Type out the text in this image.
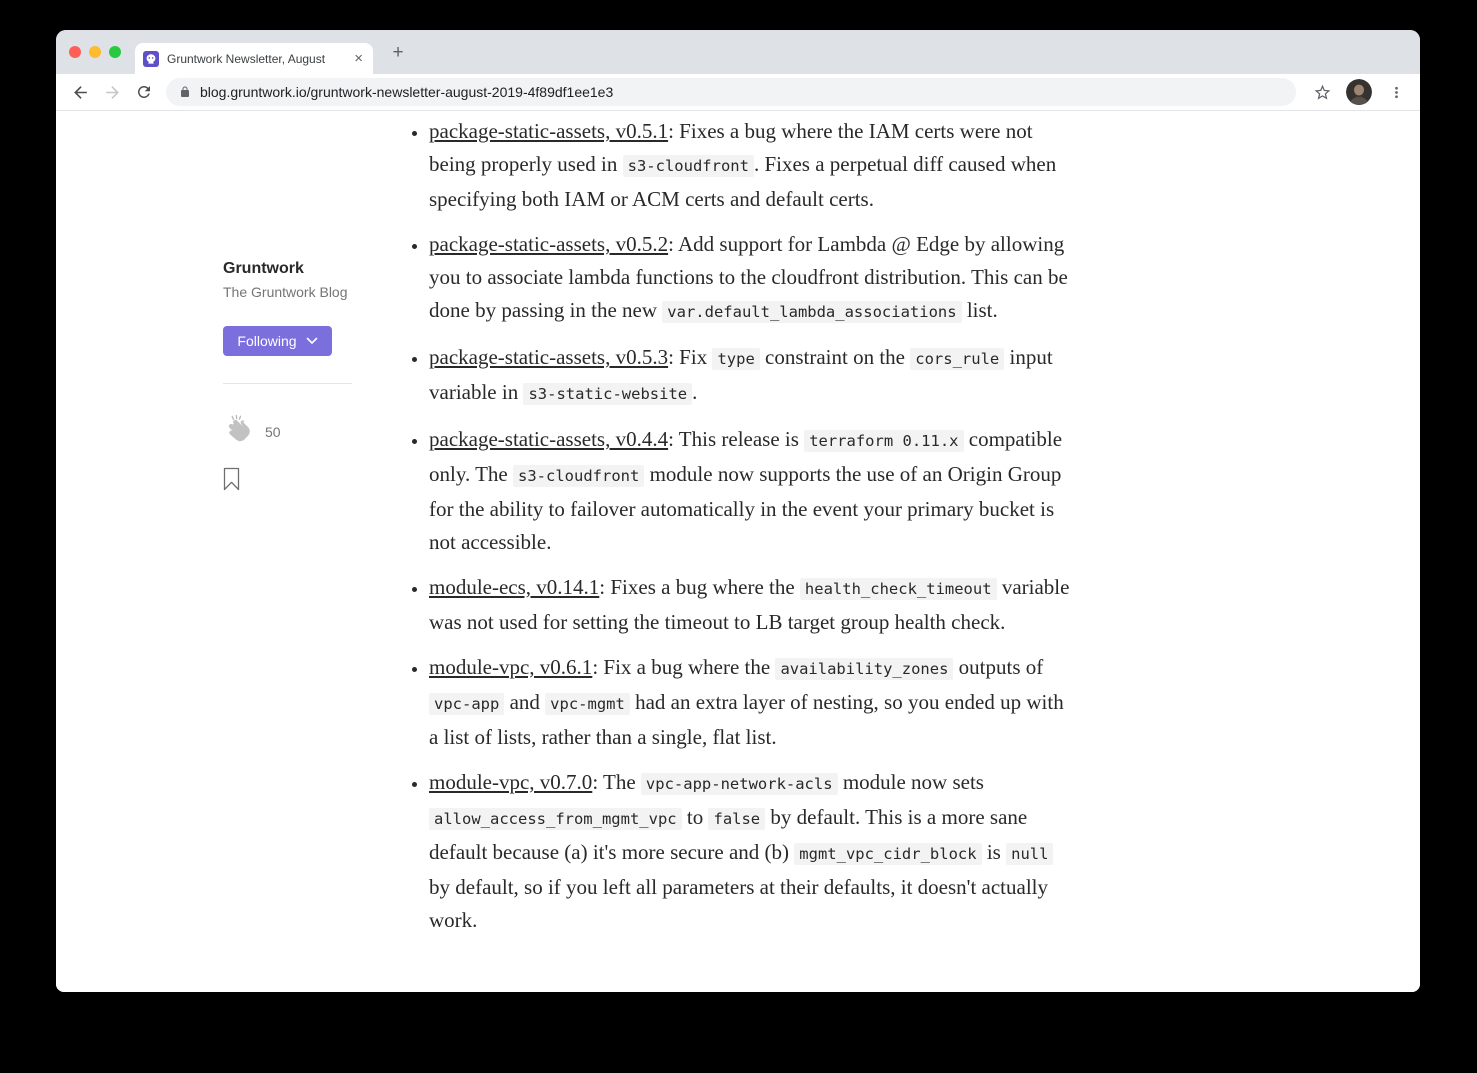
Gruntwork Newsletter, August	×	+
blog.gruntwork.io/gruntwork-newsletter-august-2019-4f89df1ee1e3
Gruntwork
The Gruntwork Blog
Following
50
• package-static-assets, v0.5.1: Fixes a bug where the IAM certs were not being properly used in s3-cloudfront . Fixes a perpetual diff caused when specifying both IAM or ACM certs and default certs.
• package-static-assets, v0.5.2: Add support for Lambda @ Edge by allowing you to associate lambda functions to the cloudfront distribution. This can be done by passing in the new var.default_lambda_associations list.
• package-static-assets, v0.5.3: Fix type constraint on the cors_rule input variable in s3-static-website .
• package-static-assets, v0.4.4: This release is terraform 0.11.x compatible only. The s3-cloudfront module now supports the use of an Origin Group for the ability to failover automatically in the event your primary bucket is not accessible.
• module-ecs, v0.14.1: Fixes a bug where the health_check_timeout variable was not used for setting the timeout to LB target group health check.
• module-vpc, v0.6.1: Fix a bug where the availability_zones outputs of vpc-app and vpc-mgmt had an extra layer of nesting, so you ended up with a list of lists, rather than a single, flat list.
• module-vpc, v0.7.0: The vpc-app-network-acls module now sets allow_access_from_mgmt_vpc to false by default. This is a more sane default because (a) it's more secure and (b) mgmt_vpc_cidr_block is null by default, so if you left all parameters at their defaults, it doesn't actually work.
